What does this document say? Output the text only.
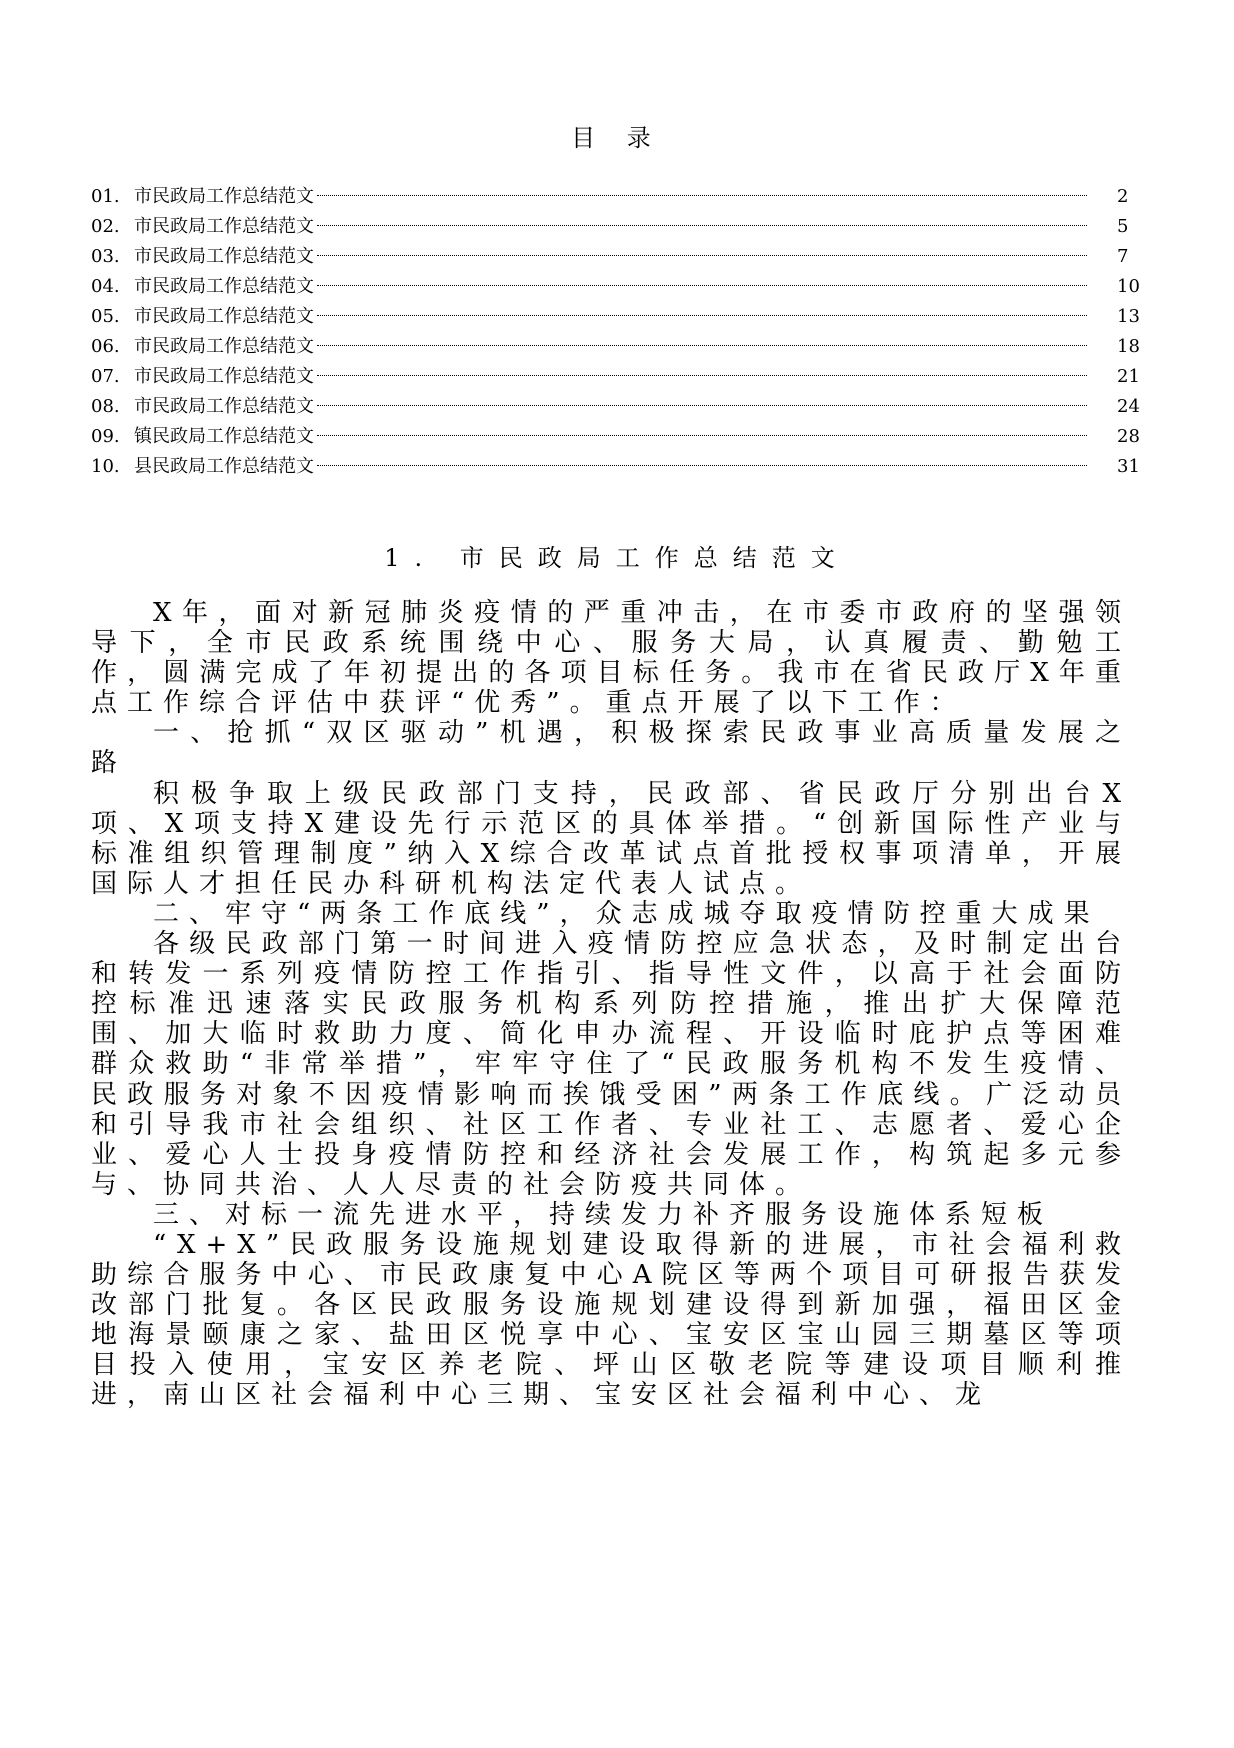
目 录
01. 市民政局工作总结范文	2
02. 市民政局工作总结范文	5
03. 市民政局工作总结范文	7
04. 市民政局工作总结范文	10
05. 市民政局工作总结范文	13
06. 市民政局工作总结范文	18
07. 市民政局工作总结范文	21
08. 市民政局工作总结范文	24
09. 镇民政局工作总结范文	28
10. 县民政局工作总结范文	31
1. 市民政局工作总结范文

X年，面对新冠肺炎疫情的严重冲击，在市委市政府的坚强领导下，全市民政系统围绕中心、服务大局，认真履责、勤勉工作，圆满完成了年初提出的各项目标任务。我市在省民政厅X年重点工作综合评估中获评“优秀”。重点开展了以下工作：

一、抢抓“双区驱动”机遇，积极探索民政事业高质量发展之路

积极争取上级民政部门支持，民政部、省民政厅分别出台X项、X项支持X建设先行示范区的具体举措。“创新国际性产业与标准组织管理制度”纳入X综合改革试点首批授权事项清单，开展国际人才担任民办科研机构法定代表人试点。

二、牢守“两条工作底线”，众志成城夺取疫情防控重大成果

各级民政部门第一时间进入疫情防控应急状态，及时制定出台和转发一系列疫情防控工作指引、指导性文件，以高于社会面防控标准迅速落实民政服务机构系列防控措施，推出扩大保障范围、加大临时救助力度、简化申办流程、开设临时庇护点等困难群众救助“非常举措”，牢牢守住了“民政服务机构不发生疫情、民政服务对象不因疫情影响而挨饿受困”两条工作底线。广泛动员和引导我市社会组织、社区工作者、专业社工、志愿者、爱心企业、爱心人士投身疫情防控和经济社会发展工作，构筑起多元参与、协同共治、人人尽责的社会防疫共同体。

三、对标一流先进水平，持续发力补齐服务设施体系短板

“X+X”民政服务设施规划建设取得新的进展，市社会福利救助综合服务中心、市民政康复中心A院区等两个项目可研报告获发改部门批复。各区民政服务设施规划建设得到新加强，福田区金地海景颐康之家、盐田区悦享中心、宝安区宝山园三期墓区等项目投入使用，宝安区养老院、坪山区敬老院等建设项目顺利推进，南山区社会福利中心三期、宝安区社会福利中心、龙
